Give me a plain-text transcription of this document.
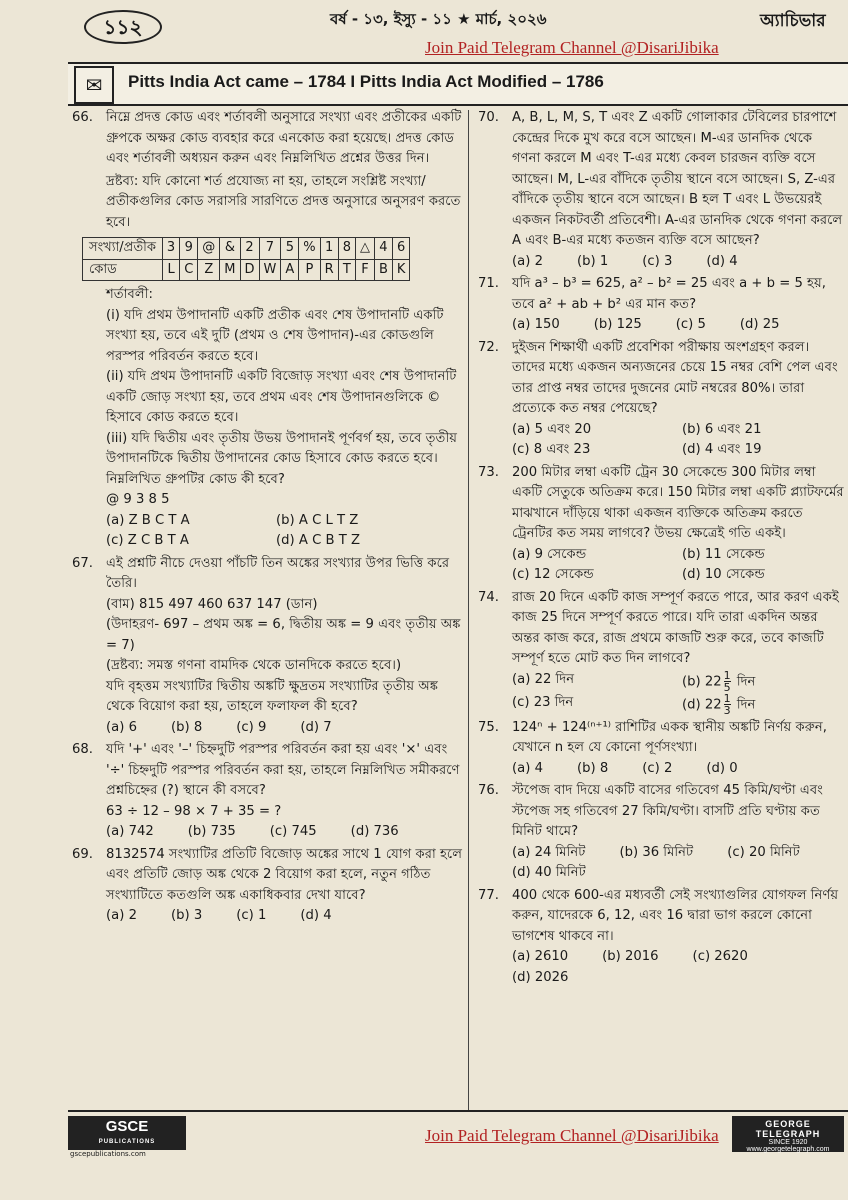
১১২	বর্ষ - ১৩, ইস্যু - ১১ ★ মার্চ, ২০২৬	অ্যাচিভার
Join Paid Telegram Channel @DisariJibika
✉	Pitts India Act came – 1784 I Pitts India Act Modified – 1786
66. নিম্নে প্রদত্ত কোড এবং শর্তাবলী অনুসারে সংখ্যা এবং প্রতীকের একটি গ্রুপকে অক্ষর কোড ব্যবহার করে এনকোড করা হয়েছে। প্রদত্ত কোড এবং শর্তাবলী অধ্যয়ন করুন এবং নিম্নলিখিত প্রশ্নের উত্তর দিন।
দ্রষ্টব্য: যদি কোনো শর্ত প্রযোজ্য না হয়, তাহলে সংশ্লিষ্ট সংখ্যা/ প্রতীকগুলির কোড সরাসরি সারণিতে প্রদত্ত অনুসারে অনুসরণ করতে হবে।
সংখ্যা/প্রতীক	3	9	@	&	2	7	5	%	1	8	△	4	6
কোড	L	C	Z	M	D	W	A	P	R	T	F	B	K
শর্তাবলী:
(i) যদি প্রথম উপাদানটি একটি প্রতীক এবং শেষ উপাদানটি একটি সংখ্যা হয়, তবে এই দুটি (প্রথম ও শেষ উপাদান)-এর কোডগুলি পরস্পর পরিবর্তন করতে হবে।
(ii) যদি প্রথম উপাদানটি একটি বিজোড় সংখ্যা এবং শেষ উপাদানটি একটি জোড় সংখ্যা হয়, তবে প্রথম এবং শেষ উপাদানগুলিকে © হিসাবে কোড করতে হবে।
(iii) যদি দ্বিতীয় এবং তৃতীয় উভয় উপাদানই পূর্ণবর্গ হয়, তবে তৃতীয় উপাদানটিকে দ্বিতীয় উপাদানের কোড হিসাবে কোড করতে হবে।
নিম্নলিখিত গ্রুপটির কোড কী হবে?
@ 9 3 8 5
(a) Z B C T A	(b) A C L T Z
(c) Z C B T A	(d) A C B T Z
67. এই প্রশ্নটি নীচে দেওয়া পাঁচটি তিন অঙ্কের সংখ্যার উপর ভিত্তি করে তৈরি।
(বাম) 815 497 460 637 147 (ডান)
(উদাহরণ- 697 – প্রথম অঙ্ক = 6, দ্বিতীয় অঙ্ক = 9 এবং তৃতীয় অঙ্ক = 7)
(দ্রষ্টব্য: সমস্ত গণনা বামদিক থেকে ডানদিকে করতে হবে।)
যদি বৃহত্তম সংখ্যাটির দ্বিতীয় অঙ্কটি ক্ষুদ্রতম সংখ্যাটির তৃতীয় অঙ্ক থেকে বিয়োগ করা হয়, তাহলে ফলাফল কী হবে?
(a) 6	(b) 8	(c) 9	(d) 7
68. যদি '+' এবং '–' চিহ্নদুটি পরস্পর পরিবর্তন করা হয় এবং '×' এবং '÷' চিহ্নদুটি পরস্পর পরিবর্তন করা হয়, তাহলে নিম্নলিখিত সমীকরণে প্রশ্নচিহ্নের (?) স্থানে কী বসবে?
63 ÷ 12 – 98 × 7 + 35 = ?
(a) 742	(b) 735	(c) 745	(d) 736
69. 8132574 সংখ্যাটির প্রতিটি বিজোড় অঙ্কের সাথে 1 যোগ করা হলে এবং প্রতিটি জোড় অঙ্ক থেকে 2 বিয়োগ করা হলে, নতুন গঠিত সংখ্যাটিতে কতগুলি অঙ্ক একাধিকবার দেখা যাবে?
(a) 2	(b) 3	(c) 1	(d) 4
70. A, B, L, M, S, T এবং Z একটি গোলাকার টেবিলের চারপাশে কেন্দ্রের দিকে মুখ করে বসে আছেন। M-এর ডানদিক থেকে গণনা করলে M এবং T-এর মধ্যে কেবল চারজন ব্যক্তি বসে আছেন। M, L-এর বাঁদিকে তৃতীয় স্থানে বসে আছেন। S, Z-এর বাঁদিকে তৃতীয় স্থানে বসে আছেন। B হল T এবং L উভয়েরই একজন নিকটবর্তী প্রতিবেশী। A-এর ডানদিক থেকে গণনা করলে A এবং B-এর মধ্যে কতজন ব্যক্তি বসে আছেন?
(a) 2	(b) 1	(c) 3	(d) 4
71. যদি a³ – b³ = 625, a² – b² = 25 এবং a + b = 5 হয়, তবে a² + ab + b² এর মান কত?
(a) 150	(b) 125	(c) 5	(d) 25
72. দুইজন শিক্ষার্থী একটি প্রবেশিকা পরীক্ষায় অংশগ্রহণ করল। তাদের মধ্যে একজন অন্যজনের চেয়ে 15 নম্বর বেশি পেল এবং তার প্রাপ্ত নম্বর তাদের দুজনের মোট নম্বরের 80%। তারা প্রত্যেকে কত নম্বর পেয়েছে?
(a) 5 এবং 20	(b) 6 এবং 21
(c) 8 এবং 23	(d) 4 এবং 19
73. 200 মিটার লম্বা একটি ট্রেন 30 সেকেন্ডে 300 মিটার লম্বা একটি সেতুকে অতিক্রম করে। 150 মিটার লম্বা একটি প্ল্যাটফর্মের মাঝখানে দাঁড়িয়ে থাকা একজন ব্যক্তিকে অতিক্রম করতে ট্রেনটির কত সময় লাগবে? উভয় ক্ষেত্রেই গতি একই।
(a) 9 সেকেন্ড	(b) 11 সেকেন্ড
(c) 12 সেকেন্ড	(d) 10 সেকেন্ড
74. রাজ 20 দিনে একটি কাজ সম্পূর্ণ করতে পারে, আর করণ একই কাজ 25 দিনে সম্পূর্ণ করতে পারে। যদি তারা একদিন অন্তর অন্তর কাজ করে, রাজ প্রথমে কাজটি শুরু করে, তবে কাজটি সম্পূর্ণ হতে মোট কত দিন লাগবে?
(a) 22 দিন	(b) $22 \frac{1}{5}$ দিন
(c) 23 দিন	(d) $22 \frac{1}{3}$ দিন
75. 124ⁿ + 124⁽ⁿ⁺¹⁾ রাশিটির একক স্থানীয় অঙ্কটি নির্ণয় করুন, যেখানে n হল যে কোনো পূর্ণসংখ্যা।
(a) 4	(b) 8	(c) 2	(d) 0
76. স্টপেজ বাদ দিয়ে একটি বাসের গতিবেগ 45 কিমি/ঘণ্টা এবং স্টপেজ সহ গতিবেগ 27 কিমি/ঘণ্টা। বাসটি প্রতি ঘণ্টায় কত মিনিট থামে?
(a) 24 মিনিট	(b) 36 মিনিট	(c) 20 মিনিট
(d) 40 মিনিট
77. 400 থেকে 600-এর মধ্যবর্তী সেই সংখ্যাগুলির যোগফল নির্ণয় করুন, যাদেরকে 6, 12, এবং 16 দ্বারা ভাগ করলে কোনো ভাগশেষ থাকবে না।
(a) 2610	(b) 2016	(c) 2620
(d) 2026
GSCE
PUBLICATIONS
gscepublications.com
GEORGE TELEGRAPH
SINCE 1920
www.georgetelegraph.com
Join Paid Telegram Channel @DisariJibika
